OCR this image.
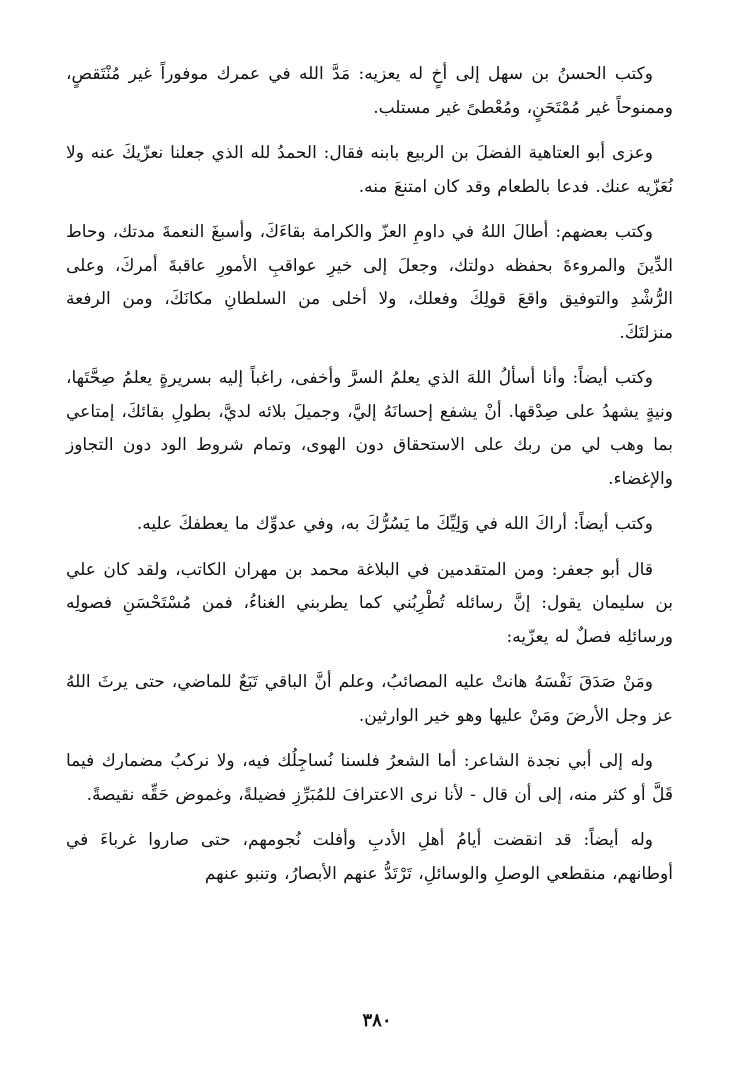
وكتب الحسنُ بن سهل إلى أخٍ له يعزيه: مَدَّ الله في عمرك موفوراً غير مُنْتَقصٍ، وممنوحاً غير مُمْتَحَنٍ، ومُعْطىً غير مستلب.

وعزى أبو العتاهية الفضلَ بن الربيع بابنه فقال: الحمدُ لله الذي جعلنا نعزّيكَ عنه ولا نُعَزّيه عنك. فدعا بالطعام وقد كان امتنعَ منه.

وكتب بعضهم: أطالَ اللهُ في داومِ العزّ والكرامة بقاءَكَ، وأسبغَ النعمةَ مدتك، وحاط الدِّينَ والمروءةَ بحفظه دولتك، وجعلَ إلى خيرِ عواقبِ الأمورِ عاقبةَ أمركَ، وعلى الرُّشْدِ والتوفيق واقعَ قولِكَ وفعلك، ولا أخلى من السلطانِ مكانَكَ، ومن الرفعة منزلتَكَ.

وكتب أيضاً: وأنا أسألُ اللهَ الذي يعلمُ السرَّ وأخفى، راغباً إليه بسريرةٍ يعلمُ صِحَّتَها، ونيةٍ يشهدُ على صِدْقها. أنْ يشفع إحسانَهُ إليَّ، وجميلَ بلائه لديَّ، بطولِ بقائكَ، إمتاعي بما وهب لي من ربك على الاستحقاق دون الهوى، وتمام شروط الود دون التجاوز والإغضاء.

وكتب أيضاً: أراكَ الله في وَلِيِّكَ ما يَسُرُّكَ به، وفي عدوِّك ما يعطفكَ عليه.

قال أبو جعفر: ومن المتقدمين في البلاغة محمد بن مهران الكاتب، ولقد كان علي بن سليمان يقول: إنَّ رسائله تُطْرِبُني كما يطربني الغناءُ، فمن مُسْتَحْسَنِ فصولِه ورسائلِه فصلٌ له يعزّيه:

ومَنْ صَدَقَ نَفْسَهُ هانتْ عليه المصائبُ، وعلم أنَّ الباقي تَبَعٌ للماضي، حتى يرثَ اللهُ عز وجل الأرضَ ومَنْ عليها وهو خير الوارثين.

وله إلى أبي نجدة الشاعر: أما الشعرُ فلسنا نُساجِلُك فيه، ولا نركبُ مضمارك فيما قَلَّ أو كثر منه، إلى أن قال - لأنا نرى الاعترافَ للمُبَرِّزِ فضيلةً، وغموض حَقِّه نقيصةً.

وله أيضاً: قد انقضت أيامُ أهلِ الأدبِ وأفلت نُجومهم، حتى صاروا غرباءَ في أوطانهم، منقطعي الوصلِ والوسائلِ، تَرْتَدُّ عنهم الأبصارُ، وتنبو عنهم

٣٨٠
